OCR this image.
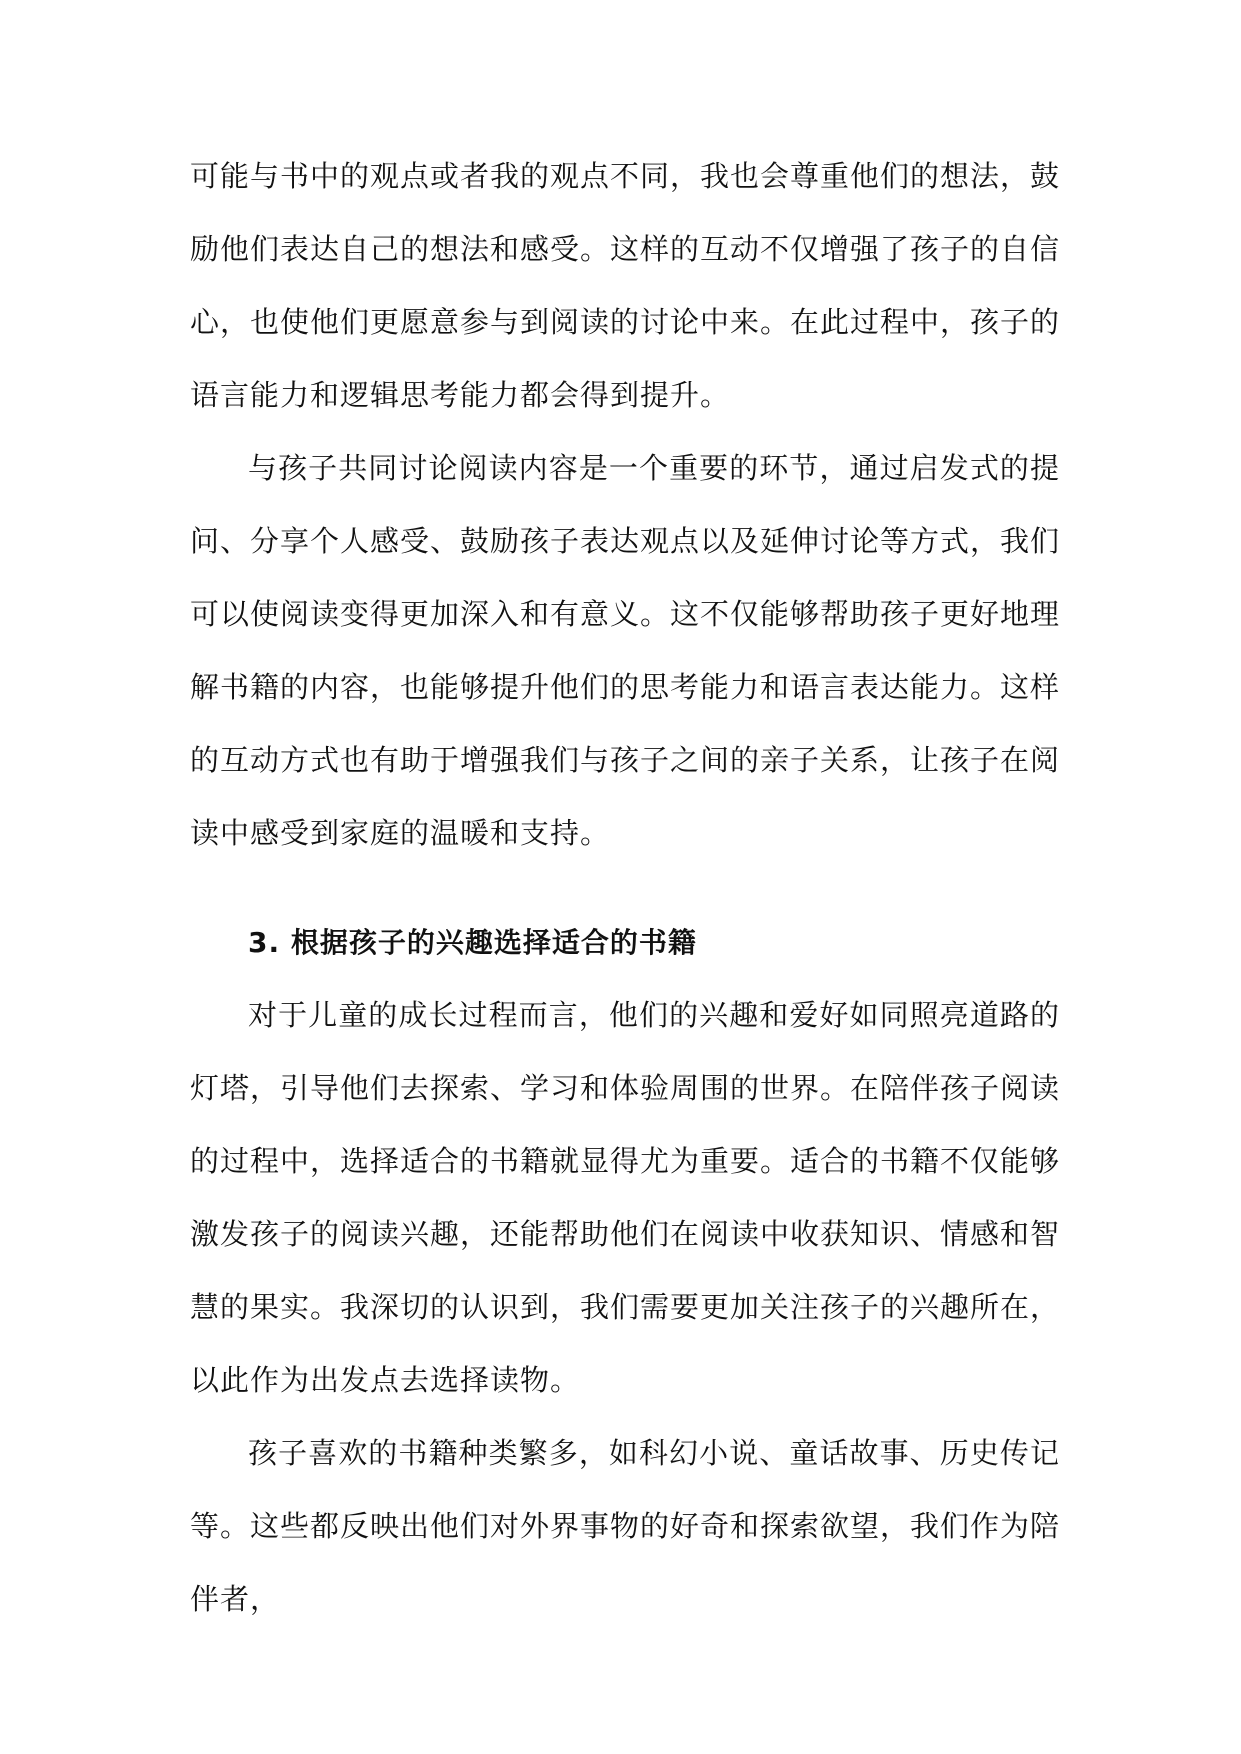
可能与书中的观点或者我的观点不同，我也会尊重他们的想法，鼓励他们表达自己的想法和感受。这样的互动不仅增强了孩子的自信心，也使他们更愿意参与到阅读的讨论中来。在此过程中，孩子的语言能力和逻辑思考能力都会得到提升。

与孩子共同讨论阅读内容是一个重要的环节，通过启发式的提问、分享个人感受、鼓励孩子表达观点以及延伸讨论等方式，我们可以使阅读变得更加深入和有意义。这不仅能够帮助孩子更好地理解书籍的内容，也能够提升他们的思考能力和语言表达能力。这样的互动方式也有助于增强我们与孩子之间的亲子关系，让孩子在阅读中感受到家庭的温暖和支持。

3. 根据孩子的兴趣选择适合的书籍

对于儿童的成长过程而言，他们的兴趣和爱好如同照亮道路的灯塔，引导他们去探索、学习和体验周围的世界。在陪伴孩子阅读的过程中，选择适合的书籍就显得尤为重要。适合的书籍不仅能够激发孩子的阅读兴趣，还能帮助他们在阅读中收获知识、情感和智慧的果实。我深切的认识到，我们需要更加关注孩子的兴趣所在，以此作为出发点去选择读物。

孩子喜欢的书籍种类繁多，如科幻小说、童话故事、历史传记等。这些都反映出他们对外界事物的好奇和探索欲望，我们作为陪伴者，
